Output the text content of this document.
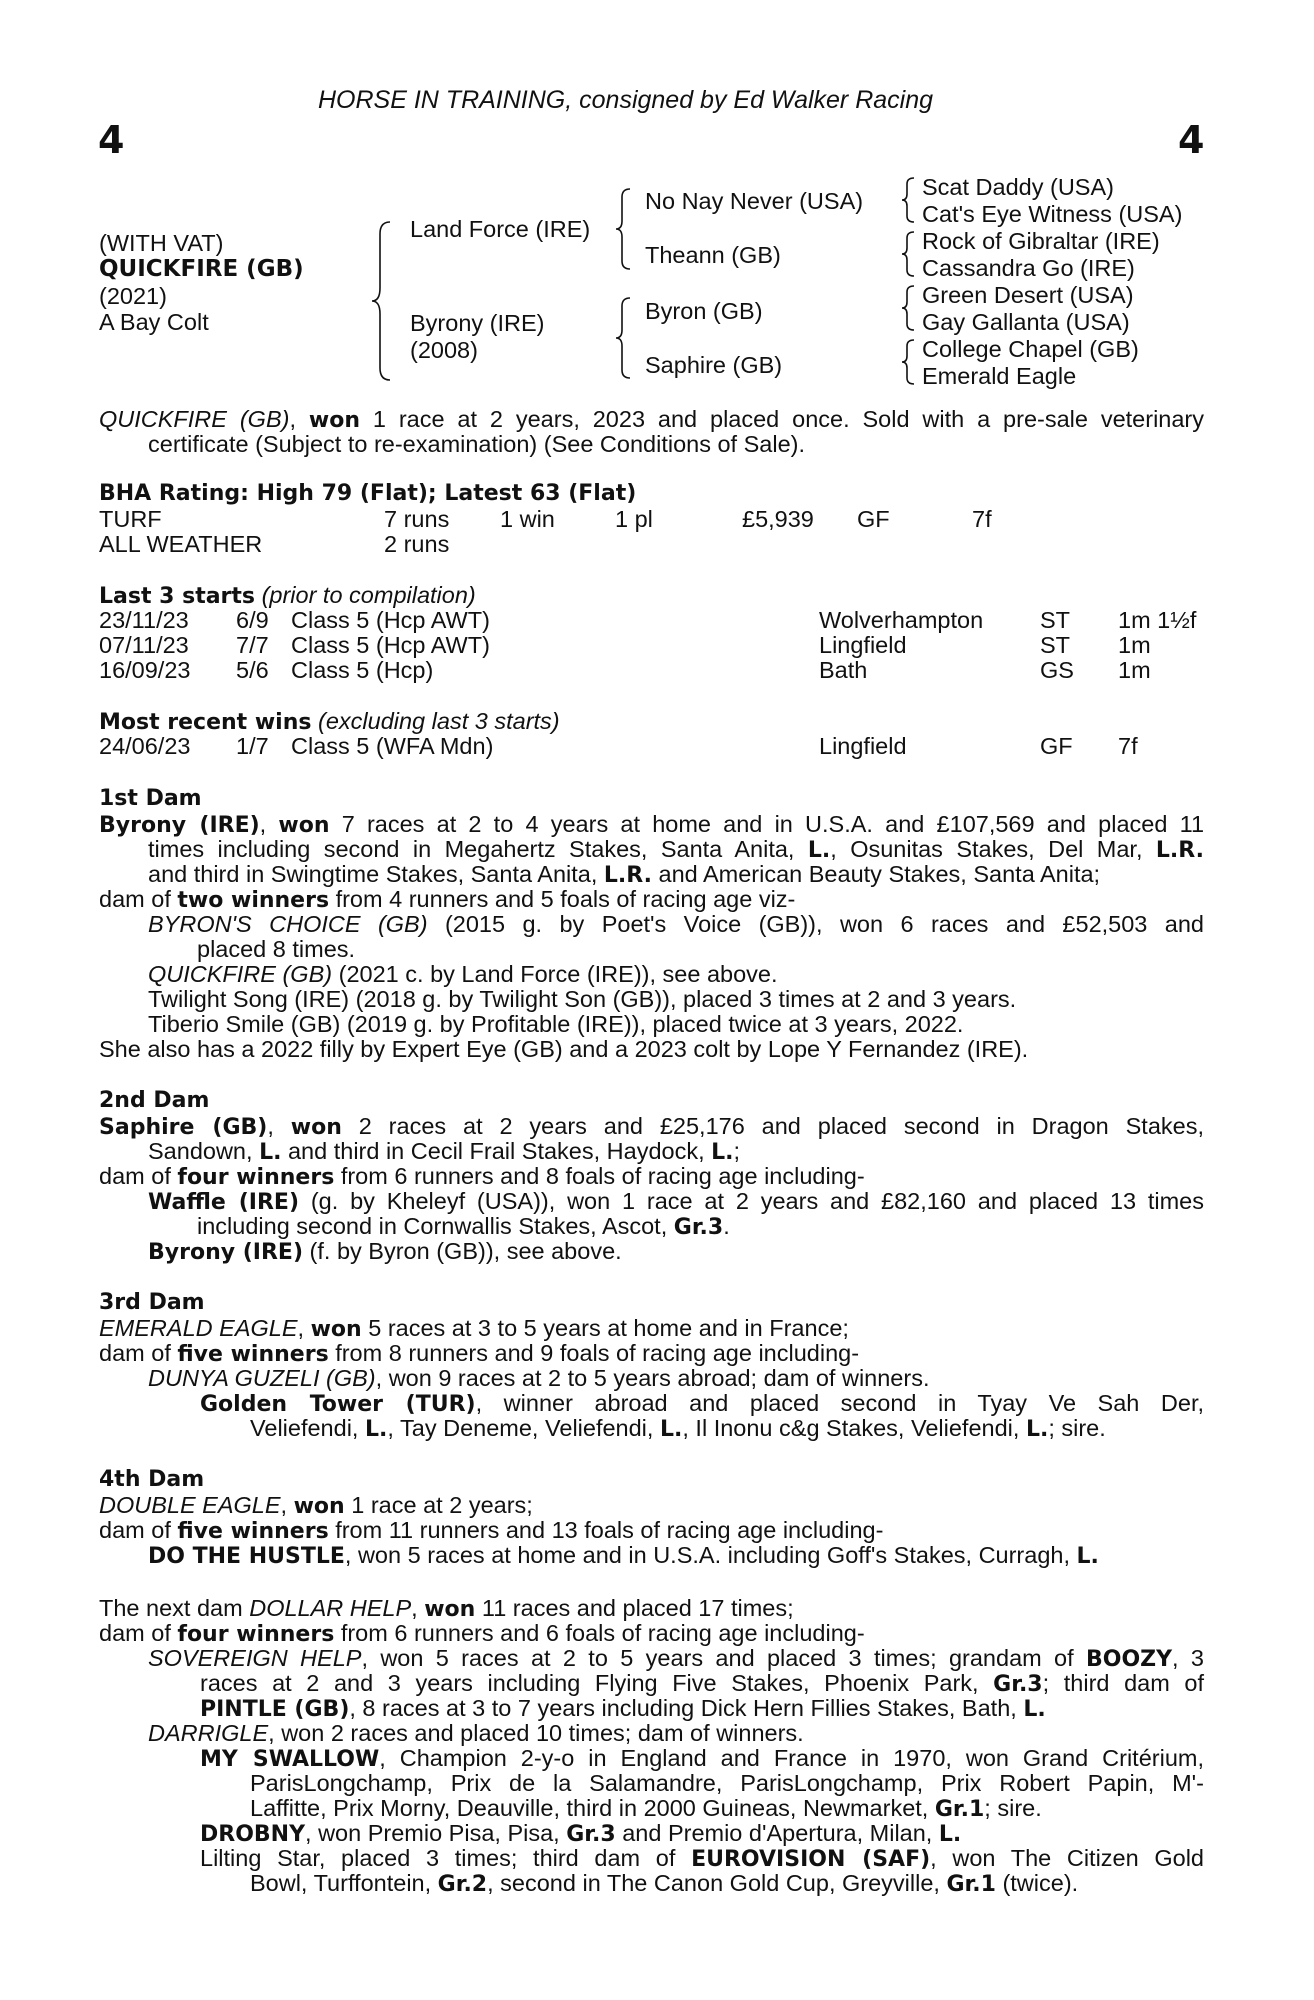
HORSE IN TRAINING, consigned by Ed Walker Racing
4	4
(WITH VAT)
QUICKFIRE (GB)
(2021)
A Bay Colt
Land Force (IRE)
Byrony (IRE)
(2008)
No Nay Never (USA)
Theann (GB)
Byron (GB)
Saphire (GB)
Scat Daddy (USA)
Cat's Eye Witness (USA)
Rock of Gibraltar (IRE)
Cassandra Go (IRE)
Green Desert (USA)
Gay Gallanta (USA)
College Chapel (GB)
Emerald Eagle
QUICKFIRE (GB), won 1 race at 2 years, 2023 and placed once. Sold with a pre-sale veterinary
certificate (Subject to re-examination) (See Conditions of Sale).
BHA Rating: High 79 (Flat); Latest 63 (Flat)
TURF	7 runs 1 win	1 pl	£5,939 GF	7f
ALL WEATHER	2 runs
Last 3 starts (prior to compilation)
23/11/23 6/9 Class 5 (Hcp AWT)	Wolverhampton ST 1m 1½f
07/11/23 7/7 Class 5 (Hcp AWT)	Lingfield	ST 1m
16/09/23 5/6 Class 5 (Hcp)	Bath	GS 1m
Most recent wins (excluding last 3 starts)
24/06/23 1/7 Class 5 (WFA Mdn)	Lingfield	GF 7f
1st Dam
Byrony (IRE), won 7 races at 2 to 4 years at home and in U.S.A. and £107,569 and placed 11
times including second in Megahertz Stakes, Santa Anita, L., Osunitas Stakes, Del Mar, L.R.
and third in Swingtime Stakes, Santa Anita, L.R. and American Beauty Stakes, Santa Anita;
dam of two winners from 4 runners and 5 foals of racing age viz-
BYRON'S CHOICE (GB) (2015 g. by Poet's Voice (GB)), won 6 races and £52,503 and
placed 8 times.
QUICKFIRE (GB) (2021 c. by Land Force (IRE)), see above.
Twilight Song (IRE) (2018 g. by Twilight Son (GB)), placed 3 times at 2 and 3 years.
Tiberio Smile (GB) (2019 g. by Profitable (IRE)), placed twice at 3 years, 2022.
She also has a 2022 filly by Expert Eye (GB) and a 2023 colt by Lope Y Fernandez (IRE).
2nd Dam
Saphire (GB), won 2 races at 2 years and £25,176 and placed second in Dragon Stakes,
Sandown, L. and third in Cecil Frail Stakes, Haydock, L.;
dam of four winners from 6 runners and 8 foals of racing age including-
Waffle (IRE) (g. by Kheleyf (USA)), won 1 race at 2 years and £82,160 and placed 13 times
including second in Cornwallis Stakes, Ascot, Gr.3.
Byrony (IRE) (f. by Byron (GB)), see above.
3rd Dam
EMERALD EAGLE, won 5 races at 3 to 5 years at home and in France;
dam of five winners from 8 runners and 9 foals of racing age including-
DUNYA GUZELI (GB), won 9 races at 2 to 5 years abroad; dam of winners.
Golden Tower (TUR), winner abroad and placed second in Tyay Ve Sah Der,
Veliefendi, L., Tay Deneme, Veliefendi, L., Il Inonu c&g Stakes, Veliefendi, L.; sire.
4th Dam
DOUBLE EAGLE, won 1 race at 2 years;
dam of five winners from 11 runners and 13 foals of racing age including-
DO THE HUSTLE, won 5 races at home and in U.S.A. including Goff's Stakes, Curragh, L.
The next dam DOLLAR HELP, won 11 races and placed 17 times;
dam of four winners from 6 runners and 6 foals of racing age including-
SOVEREIGN HELP, won 5 races at 2 to 5 years and placed 3 times; grandam of BOOZY, 3
races at 2 and 3 years including Flying Five Stakes, Phoenix Park, Gr.3; third dam of
PINTLE (GB), 8 races at 3 to 7 years including Dick Hern Fillies Stakes, Bath, L.
DARRIGLE, won 2 races and placed 10 times; dam of winners.
MY SWALLOW, Champion 2-y-o in England and France in 1970, won Grand Critérium,
ParisLongchamp, Prix de la Salamandre, ParisLongchamp, Prix Robert Papin, M'-
Laffitte, Prix Morny, Deauville, third in 2000 Guineas, Newmarket, Gr.1; sire.
DROBNY, won Premio Pisa, Pisa, Gr.3 and Premio d'Apertura, Milan, L.
Lilting Star, placed 3 times; third dam of EUROVISION (SAF), won The Citizen Gold
Bowl, Turffontein, Gr.2, second in The Canon Gold Cup, Greyville, Gr.1 (twice).
